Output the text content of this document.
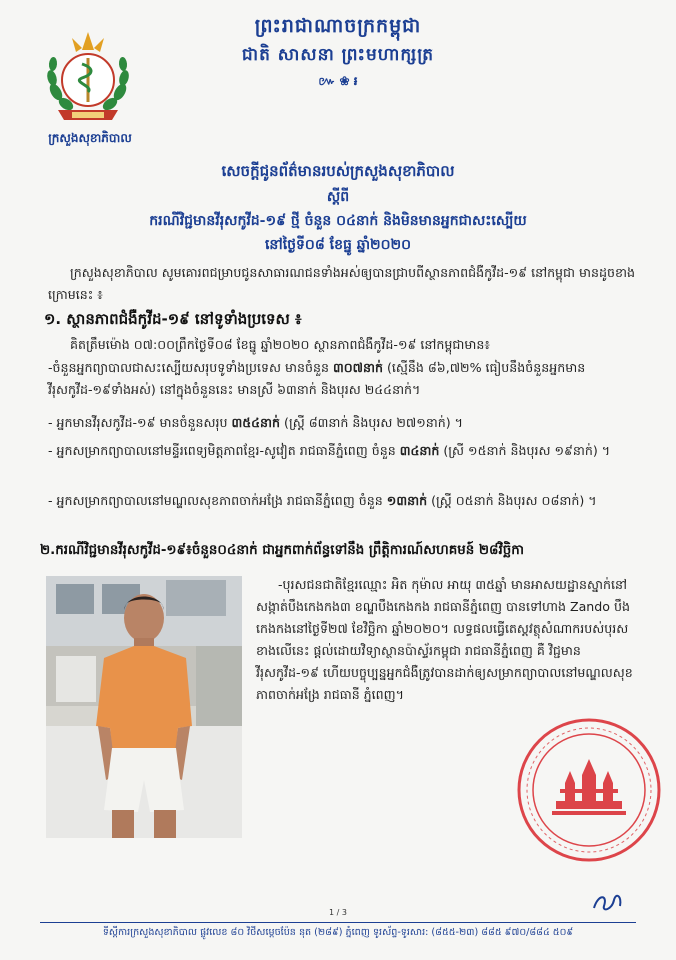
ព្រះរាជាណាចក្រកម្ពុជា
ជាតិ សាសនា ព្រះមហាក្សត្រ
៚ ❀ ៛
ក្រសួងសុខាភិបាល
សេចក្តីជូនព័ត៌មានរបស់ក្រសួងសុខាភិបាល
ស្តីពី
ករណីវិជ្ជមានវីរុសកូវីដ-១៩ ថ្មី ចំនួន ០៤នាក់ និងមិនមានអ្នកជាសះស្បើយ
នៅថ្ងៃទី០៨ ខែធ្នូ ឆ្នាំ២០២០
ក្រសួងសុខាភិបាល សូមគោរពជម្រាបជូនសាធារណជនទាំងអស់ឲ្យបានជ្រាបពីស្ថានភាពជំងឺកូវីដ-១៩ នៅកម្ពុជា មានដូចខាងក្រោមនេះ ៖
១. ស្ថានភាពជំងឺកូវីដ-១៩ នៅទូទាំងប្រទេស ៖
គិតត្រឹមម៉ោង ០៧:០០ព្រឹកថ្ងៃទី០៨ ខែធ្នូ ឆ្នាំ២០២០ ស្ថានភាពជំងឺកូវីដ-១៩ នៅកម្ពុជាមាន៖
-ចំនួនអ្នកព្យាបាលជាសះស្បើយសរុបទូទាំងប្រទេស មានចំនួន ៣០៧នាក់ (ស្មើនឹង ៨៦,៧២% ធៀបនឹងចំនួនអ្នកមានវីរុសកូវីដ-១៩ទាំងអស់) នៅក្នុងចំនួននេះ មានស្រី ៦៣នាក់ និងបុរស ២៤៤នាក់។
- អ្នកមានវីរុសកូវីដ-១៩ មានចំនួនសរុប ៣៥៤នាក់ (ស្ត្រី ៨៣នាក់ និងបុរស ២៧១នាក់) ។
- អ្នកសម្រាកព្យាបាលនៅមន្ទីរពេទ្យមិត្តភាពខ្មែរ-សូវៀត រាជធានីភ្នំពេញ ចំនួន ៣៤នាក់ (ស្រី ១៥នាក់ និងបុរស ១៩នាក់) ។
- អ្នកសម្រាកព្យាបាលនៅមណ្ឌលសុខភាពចាក់អង្រែ រាជធានីភ្នំពេញ ចំនួន ១៣នាក់ (ស្ត្រី ០៥នាក់ និងបុរស ០៨នាក់) ។
២.ករណីវិជ្ជមានវីរុសកូវីដ-១៩៖ចំនួន០៤នាក់ ជាអ្នកពាក់ព័ន្ធទៅនឹង ព្រឹត្តិការណ៍សហគមន៍ ២៨វិច្ឆិកា
-បុរសជនជាតិខ្មែរឈ្មោះ អិត កុម៉ាល អាយុ ៣៥ឆ្នាំ មានអាសយដ្ឋានស្នាក់នៅសង្កាត់បឹងកេងកង៣ ខណ្ឌបឹងកេងកង រាជធានីភ្នំពេញ បានទៅហាង Zando បឹងកេងកងនៅថ្ងៃទី២៧ ខែវិច្ឆិកា ឆ្នាំ២០២០។ លទ្ធផលធ្វើតេស្តវត្ថុសំណាករបស់បុរសខាងលើនេះ ផ្តល់ដោយវិទ្យាស្ថានប៉ាស្ទ័រកម្ពុជា រាជធានីភ្នំពេញ គឺ វិជ្ជមានវីរុសកូវីដ-១៩ ហើយបច្ចុប្បន្នអ្នកជំងឺត្រូវបានដាក់ឲ្យសម្រាកព្យាបាលនៅមណ្ឌលសុខភាពចាក់អង្រែ រាជធានី ភ្នំពេញ។
1 / 3
ទីស្តីការក្រសួងសុខាភិបាល ផ្លូវលេខ ៨០ វិថីសម្តេចប៉ែន នុត (២៨៩) ភ្នំពេញ ទូរស័ព្ទ-ទូរសារ: (៨៥៥-២៣) ៨៨៥ ៩៧០/៨៨៤ ៥០៩
